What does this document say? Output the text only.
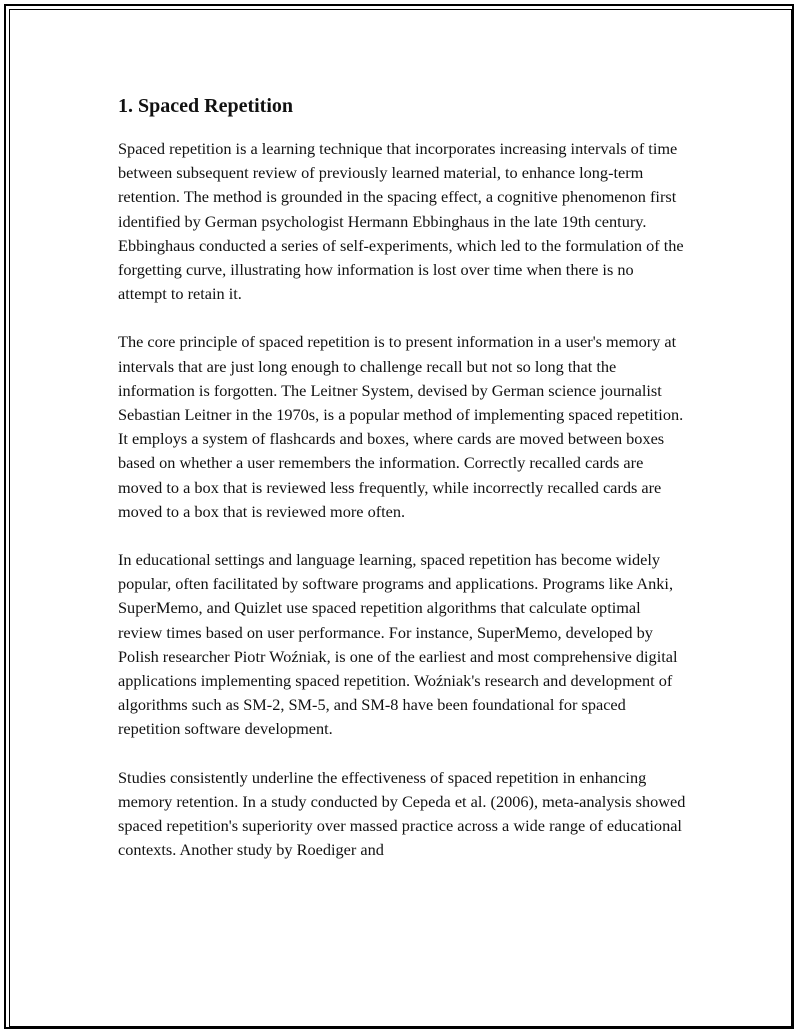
1. Spaced Repetition

Spaced repetition is a learning technique that incorporates increasing intervals of time between subsequent review of previously learned material, to enhance long-term retention. The method is grounded in the spacing effect, a cognitive phenomenon first identified by German psychologist Hermann Ebbinghaus in the late 19th century. Ebbinghaus conducted a series of self-experiments, which led to the formulation of the forgetting curve, illustrating how information is lost over time when there is no attempt to retain it.

The core principle of spaced repetition is to present information in a user's memory at intervals that are just long enough to challenge recall but not so long that the information is forgotten. The Leitner System, devised by German science journalist Sebastian Leitner in the 1970s, is a popular method of implementing spaced repetition. It employs a system of flashcards and boxes, where cards are moved between boxes based on whether a user remembers the information. Correctly recalled cards are moved to a box that is reviewed less frequently, while incorrectly recalled cards are moved to a box that is reviewed more often.

In educational settings and language learning, spaced repetition has become widely popular, often facilitated by software programs and applications. Programs like Anki, SuperMemo, and Quizlet use spaced repetition algorithms that calculate optimal review times based on user performance. For instance, SuperMemo, developed by Polish researcher Piotr Woźniak, is one of the earliest and most comprehensive digital applications implementing spaced repetition. Woźniak's research and development of algorithms such as SM-2, SM-5, and SM-8 have been foundational for spaced repetition software development.

Studies consistently underline the effectiveness of spaced repetition in enhancing memory retention. In a study conducted by Cepeda et al. (2006), meta-analysis showed spaced repetition's superiority over massed practice across a wide range of educational contexts. Another study by Roediger and
